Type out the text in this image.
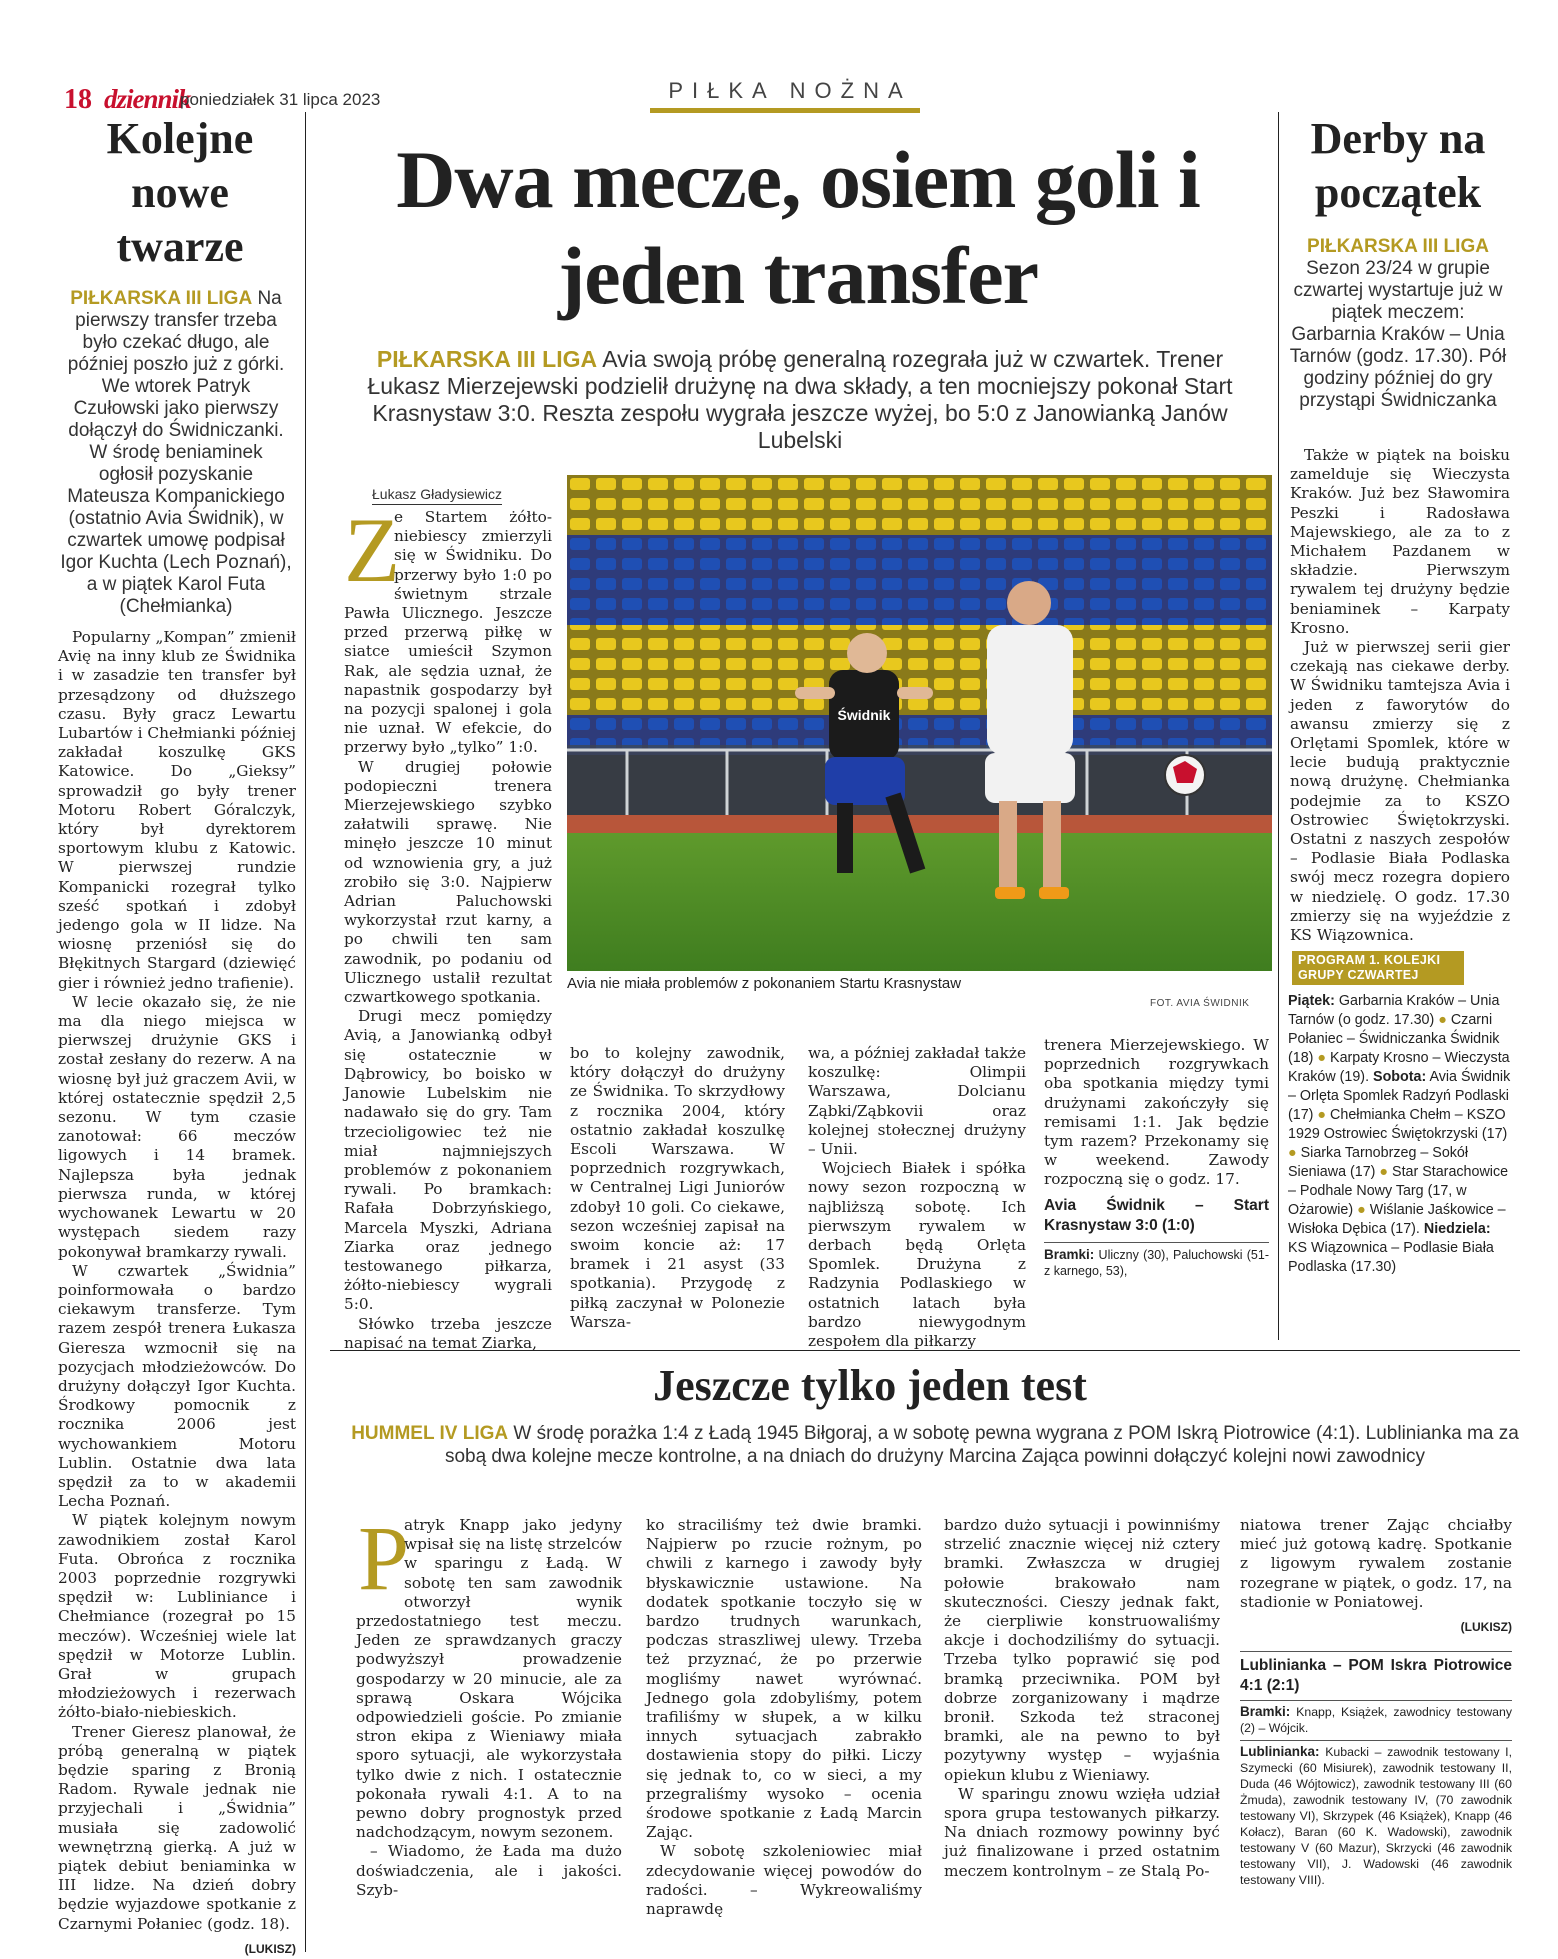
18 dziennik
poniedziałek 31 lipca 2023	PIŁKA NOŻNA
Kolejne nowe twarze
PIŁKARSKA III LIGA Na pierwszy transfer trzeba było czekać długo, ale później poszło już z górki. We wtorek Patryk Czułowski jako pierwszy dołączył do Świdniczanki. W środę beniaminek ogłosił pozyskanie Mateusza Kompanickiego (ostatnio Avia Świdnik), w czwartek umowę podpisał Igor Kuchta (Lech Poznań), a w piątek Karol Futa (Chełmianka)

Popularny „Kompan” zmienił Avię na inny klub ze Świdnika i w zasadzie ten transfer był przesądzony od dłuższego czasu. Były gracz Lewartu Lubartów i Chełmianki później zakładał koszulkę GKS Katowice. Do „Gieksy” sprowadził go były trener Motoru Robert Góralczyk, który był dyrektorem sportowym klubu z Katowic. W pierwszej rundzie Kompanicki rozegrał tylko sześć spotkań i zdobył jedengo gola w II lidze. Na wiosnę przeniósł się do Błękitnych Stargard (dziewięć gier i również jedno trafienie).

W lecie okazało się, że nie ma dla niego miejsca w pierwszej drużynie GKS i został zesłany do rezerw. A na wiosnę był już graczem Avii, w której ostatecznie spędził 2,5 sezonu. W tym czasie zanotował: 66 meczów ligowych i 14 bramek. Najlepsza była jednak pierwsza runda, w której wychowanek Lewartu w 20 występach siedem razy pokonywał bramkarzy rywali.

W czwartek „Świdnia” poinformowała o bardzo ciekawym transferze. Tym razem zespół trenera Łukasza Gieresza wzmocnił się na pozycjach młodzieżowców. Do drużyny dołączył Igor Kuchta. Środkowy pomocnik z rocznika 2006 jest wychowankiem Motoru Lublin. Ostatnie dwa lata spędził za to w akademii Lecha Poznań.

W piątek kolejnym nowym zawodnikiem został Karol Futa. Obrońca z rocznika 2003 poprzednie rozgrywki spędził w: Lubliniance i Chełmiance (rozegrał po 15 meczów). Wcześniej wiele lat spędził w Motorze Lublin. Grał w grupach młodzieżowych i rezerwach żółto-biało-niebieskich.

Trener Gieresz planował, że próbą generalną w piątek będzie sparing z Bronią Radom. Rywale jednak nie przyjechali i „Świdnia” musiała się zadowolić wewnętrzną gierką. A już w piątek debiut beniaminka w III lidze. Na dzień dobry będzie wyjazdowe spotkanie z Czarnymi Połaniec (godz. 18).

(LUKISZ)
Dwa mecze, osiem goli i jeden transfer
PIŁKARSKA III LIGA Avia swoją próbę generalną rozegrała już w czwartek. Trener Łukasz Mierzejewski podzielił drużynę na dwa składy, a ten mocniejszy pokonał Start Krasnystaw 3:0. Reszta zespołu wygrała jeszcze wyżej, bo 5:0 z Janowianką Janów Lubelski
Łukasz Gładysiewicz
Z

e Startem żółto-niebiescy zmierzyli się w Świdniku. Do przerwy było 1:0 po świetnym strzale Pawła Ulicznego. Jeszcze przed przerwą piłkę w siatce umieścił Szymon Rak, ale sędzia uznał, że napastnik gospodarzy był na pozycji spalonej i gola nie uznał. W efekcie, do przerwy było „tylko” 1:0.

W drugiej połowie podopieczni trenera Mierzejewskiego szybko załatwili sprawę. Nie minęło jeszcze 10 minut od wznowienia gry, a już zrobiło się 3:0. Najpierw Adrian Paluchowski wykorzystał rzut karny, a po chwili ten sam zawodnik, po podaniu od Ulicznego ustalił rezultat czwartkowego spotkania.

Drugi mecz pomiędzy Avią, a Janowianką odbył się ostatecznie w Dąbrowicy, bo boisko w Janowie Lubelskim nie nadawało się do gry. Tam trzecioligowiec też nie miał najmniejszych problemów z pokonaniem rywali. Po bramkach: Rafała Dobrzyńskiego, Marcela Myszki, Adriana Ziarka oraz jednego testowanego piłkarza, żółto-niebiescy wygrali 5:0.

Słówko trzeba jeszcze napisać na temat Ziarka,

Świdnik
Avia nie miała problemów z pokonaniem Startu Krasnystaw
FOT. AVIA ŚWIDNIK

bo to kolejny zawodnik, który dołączył do drużyny ze Świdnika. To skrzydłowy z rocznika 2004, który ostatnio zakładał koszulkę Escoli Warszawa. W poprzednich rozgrywkach, w Centralnej Ligi Juniorów zdobył 10 goli. Co ciekawe, sezon wcześniej zapisał na swoim koncie aż: 17 bramek i 21 asyst (33 spotkania). Przygodę z piłką zaczynał w Polonezie Warsza-

wa, a później zakładał także koszulkę: Olimpii Warszawa, Dolcianu Ząbki/Ząbkovii oraz kolejnej stołecznej drużyny – Unii.

Wojciech Białek i spółka nowy sezon rozpoczną w najbliższą sobotę. Ich pierwszym rywalem w derbach będą Orlęta Spomlek. Drużyna z Radzynia Podlaskiego w ostatnich latach była bardzo niewygodnym zespołem dla piłkarzy

trenera Mierzejewskiego. W poprzednich rozgrywkach oba spotkania między tymi drużynami zakończyły się remisami 1:1. Jak będzie tym razem? Przekonamy się w weekend. Zawody rozpoczną się o godz. 17.

Avia Świdnik – Start Krasnystaw 3:0 (1:0)
Bramki: Uliczny (30), Paluchowski (51-z karnego, 53),
Derby na początek
PIŁKARSKA III LIGA
Sezon 23/24 w grupie czwartej wystartuje już w piątek meczem: Garbarnia Kraków – Unia Tarnów (godz. 17.30). Pół godziny później do gry przystąpi Świdniczanka

Także w piątek na boisku zamelduje się Wieczysta Kraków. Już bez Sławomira Peszki i Radosława Majewskiego, ale za to z Michałem Pazdanem w składzie. Pierwszym rywalem tej drużyny będzie beniaminek – Karpaty Krosno.

Już w pierwszej serii gier czekają nas ciekawe derby. W Świdniku tamtejsza Avia i jeden z faworytów do awansu zmierzy się z Orlętami Spomlek, które w lecie budują praktycznie nową drużynę. Chełmianka podejmie za to KSZO Ostrowiec Świętokrzyski. Ostatni z naszych zespołów – Podlasie Biała Podlaska swój mecz rozegra dopiero w niedzielę. O godz. 17.30 zmierzy się na wyjeździe z KS Wiązownica.

PROGRAM 1. KOLEJKI GRUPY CZWARTEJ
Piątek: Garbarnia Kraków – Unia Tarnów (o godz. 17.30) ● Czarni Połaniec – Świdniczanka Świdnik (18) ● Karpaty Krosno – Wieczysta Kraków (19). Sobota: Avia Świdnik – Orlęta Spomlek Radzyń Podlaski (17) ● Chełmianka Chełm – KSZO 1929 Ostrowiec Świętokrzyski (17) ● Siarka Tarnobrzeg – Sokół Sieniawa (17) ● Star Starachowice – Podhale Nowy Targ (17, w Ożarowie) ● Wiślanie Jaśkowice – Wisłoka Dębica (17). Niedziela: KS Wiązownica – Podlasie Biała Podlaska (17.30)
Jeszcze tylko jeden test
HUMMEL IV LIGA W środę porażka 1:4 z Ładą 1945 Biłgoraj, a w sobotę pewna wygrana z POM Iskrą Piotrowice (4:1). Lublinianka ma za sobą dwa kolejne mecze kontrolne, a na dniach do drużyny Marcina Zająca powinni dołączyć kolejni nowi zawodnicy
P

atryk Knapp jako jedyny wpisał się na listę strzelców w sparingu z Ładą. W sobotę ten sam zawodnik otworzył wynik przedostatniego test meczu. Jeden ze sprawdzanych graczy podwyższył prowadzenie gospodarzy w 20 minucie, ale za sprawą Oskara Wójcika odpowiedzieli goście. Po zmianie stron ekipa z Wieniawy miała sporo sytuacji, ale wykorzystała tylko dwie z nich. I ostatecznie pokonała rywali 4:1. A to na pewno dobry prognostyk przed nadchodzącym, nowym sezonem.

– Wiadomo, że Łada ma dużo doświadczenia, ale i jakości. Szyb-

ko straciliśmy też dwie bramki. Najpierw po rzucie rożnym, po chwili z karnego i zawody były błyskawicznie ustawione. Na dodatek spotkanie toczyło się w bardzo trudnych warunkach, podczas straszliwej ulewy. Trzeba też przyznać, że po przerwie mogliśmy nawet wyrównać. Jednego gola zdobyliśmy, potem trafiliśmy w słupek, a w kilku innych sytuacjach zabrakło dostawienia stopy do piłki. Liczy się jednak to, co w sieci, a my przegraliśmy wysoko – ocenia środowe spotkanie z Ładą Marcin Zając.

W sobotę szkoleniowiec miał zdecydowanie więcej powodów do radości. – Wykreowaliśmy naprawdę

bardzo dużo sytuacji i powinniśmy strzelić znacznie więcej niż cztery bramki. Zwłaszcza w drugiej połowie brakowało nam skuteczności. Cieszy jednak fakt, że cierpliwie konstruowaliśmy akcje i dochodziliśmy do sytuacji. Trzeba tylko poprawić się pod bramką przeciwnika. POM był dobrze zorganizowany i mądrze bronił. Szkoda też straconej bramki, ale na pewno to był pozytywny występ – wyjaśnia opiekun klubu z Wieniawy.

W sparingu znowu wzięła udział spora grupa testowanych piłkarzy. Na dniach rozmowy powinny być już finalizowane i przed ostatnim meczem kontrolnym – ze Stalą Po-

niatowa trener Zając chciałby mieć już gotową kadrę. Spotkanie z ligowym rywalem zostanie rozegrane w piątek, o godz. 17, na stadionie w Poniatowej.

(LUKISZ)
Lublinianka – POM Iskra Piotrowice 4:1 (2:1)
Bramki: Knapp, Książek, zawodnicy testowany (2) – Wójcik.
Lublinianka: Kubacki – zawodnik testowany I, Szymecki (60 Misiurek), zawodnik testowany II, Duda (46 Wójtowicz), zawodnik testowany III (60 Żmuda), zawodnik testowany IV, (70 zawodnik testowany VI), Skrzypek (46 Książek), Knapp (46 Kołacz), Baran (60 K. Wadowski), zawodnik testowany V (60 Mazur), Skrzycki (46 zawodnik testowany VII), J. Wadowski (46 zawodnik testowany VIII).
